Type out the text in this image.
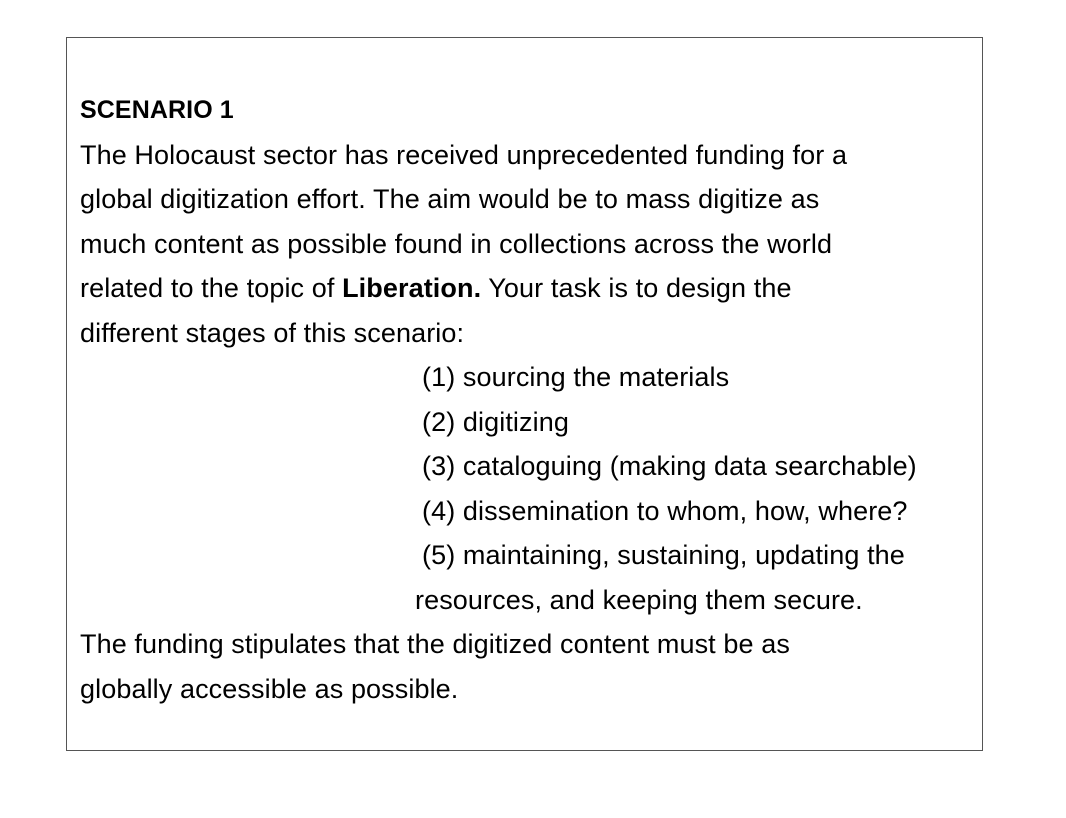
SCENARIO 1
The Holocaust sector has received unprecedented funding for a
global digitization effort. The aim would be to mass digitize as
much content as possible found in collections across the world
related to the topic of Liberation. Your task is to design the
different stages of this scenario:
(1) sourcing the materials
(2) digitizing
(3) cataloguing (making data searchable)
(4) dissemination to whom, how, where?
(5) maintaining, sustaining, updating the
resources, and keeping them secure.
The funding stipulates that the digitized content must be as
globally accessible as possible.
